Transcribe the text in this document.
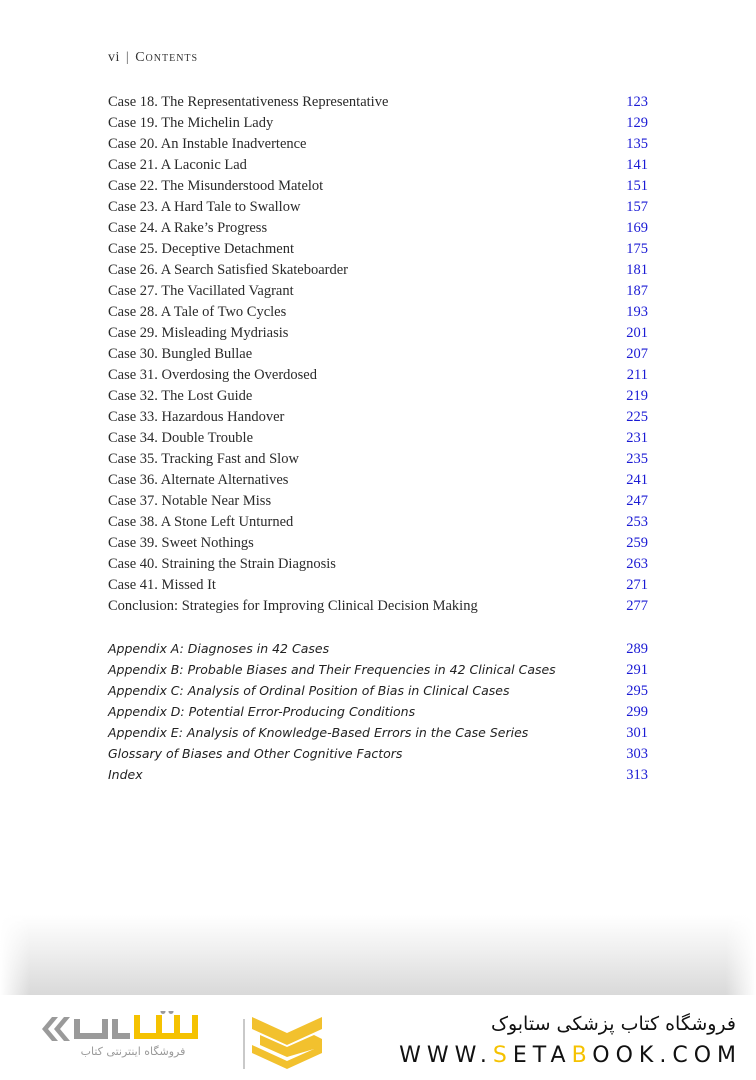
vi | Contents
Case 18. The Representativeness Representative	123
Case 19. The Michelin Lady	129
Case 20. An Instable Inadvertence	135
Case 21. A Laconic Lad	141
Case 22. The Misunderstood Matelot	151
Case 23. A Hard Tale to Swallow	157
Case 24. A Rake’s Progress	169
Case 25. Deceptive Detachment	175
Case 26. A Search Satisfied Skateboarder	181
Case 27. The Vacillated Vagrant	187
Case 28. A Tale of Two Cycles	193
Case 29. Misleading Mydriasis	201
Case 30. Bungled Bullae	207
Case 31. Overdosing the Overdosed	211
Case 32. The Lost Guide	219
Case 33. Hazardous Handover	225
Case 34. Double Trouble	231
Case 35. Tracking Fast and Slow	235
Case 36. Alternate Alternatives	241
Case 37. Notable Near Miss	247
Case 38. A Stone Left Unturned	253
Case 39. Sweet Nothings	259
Case 40. Straining the Strain Diagnosis	263
Case 41. Missed It	271
Conclusion: Strategies for Improving Clinical Decision Making	277
Appendix A: Diagnoses in 42 Cases	289
Appendix B: Probable Biases and Their Frequencies in 42 Clinical Cases	291
Appendix C: Analysis of Ordinal Position of Bias in Clinical Cases	295
Appendix D: Potential Error-Producing Conditions	299
Appendix E: Analysis of Knowledge-Based Errors in the Case Series	301
Glossary of Biases and Other Cognitive Factors	303
Index	313
فروشگاه اینترنتی کتاب
فروشگاه کتاب پزشکی ستابوک
WWW.SETABOOK.COM
